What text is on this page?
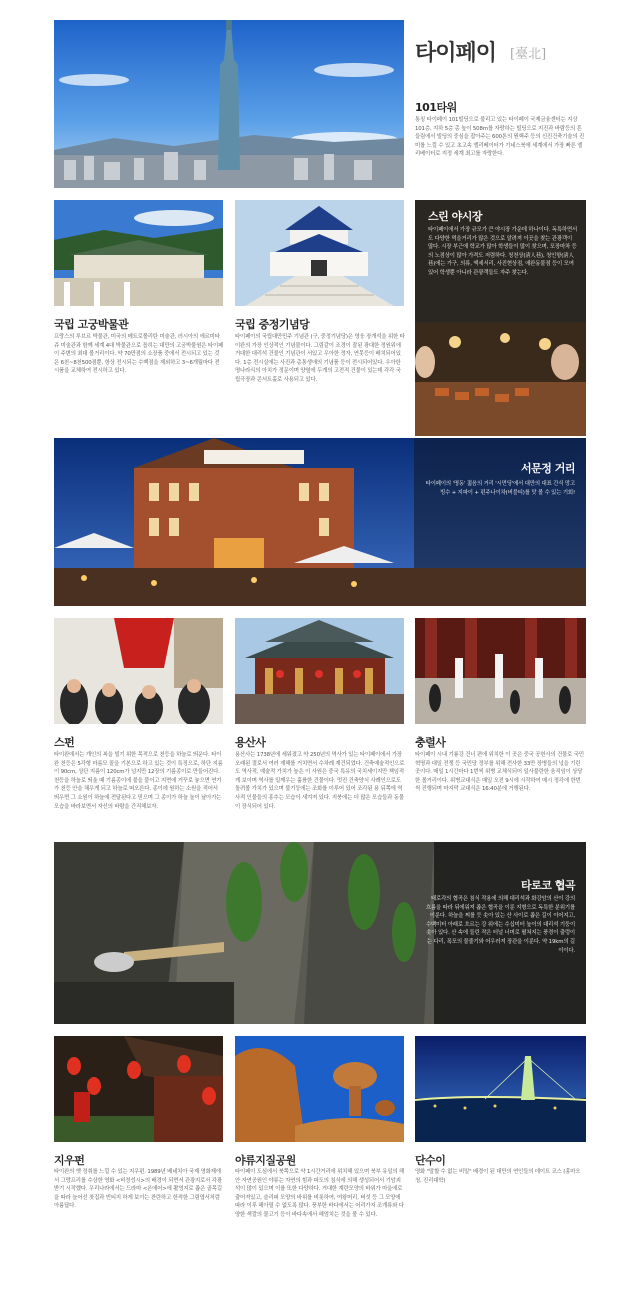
타이페이 [臺北]
101타워
통칭 타이페이 101빌딩으로 불리고 있는 타이페이 국제금융센터는 지상 101층, 지하 5층 총 높이 508m를 자랑하는 빌딩으로 지진과 바람등의 흔들림에서 빌딩의 중심을 잡아주는 600톤의 뭔핵주 등의 신진건축기술의 진미를 느낄 수 있고 초고속 엘리베이터가 기네스북에 세계에서 가장 빠른 엘리베이터로 지정 세계 최고를 자랑한다.
스린 야시장
타이페이에서 가장 규모가 큰 야시장 가운데 하나이다. 독특하면서도 다양한 먹을거리가 많은 것으로 알려져 이곳을 찾는 관광객이 많다. 시장 부근에 학교가 많아 학생들이 많이 찾으며, 포장마차 등의 노점상이 많아 가격도 저렴하다. 청천상(淸人巷), 청인항(淸人巷)에는 가구, 의류, 액세서리, 사진현상점, 애완동물점 등이 모여 있어 학생뿐 아니라 관광객들도 자주 찾는다.
국립 고궁박물관
프랑스의 루브르 박물관, 미국의 메트로폴리탄 미술관, 러시아의 에르미타쥬 미술관과 함께 세계 4대 박물관으로 꼽히는 대만의 고궁박물원은 타이페이 주변의 최대 볼거리이다. 약 70만점의 소장품 중에서 전시되고 있는 것은 6천~8천500점뿐, 항상 전시되는 수백점을 제외하고 3~6개월마다 전시품을 교체하여 전시하고 있다.
국립 중정기념당
타이페이의 국립대만민주 기념관 (구, 중정기념당)은 영웅 장개석을 위한 타이완의 가장 인상적인 기념물이다. 그림같이 조경이 잘된 광대한 정원위에 거대한 대리석 건물인 기념관이 서있고 우아한 정자, 연못등이 배치되어있다. 1층 전시실에는 사진과 총통생애의 기념품 등이 전시되어있다. 우아한 명나라식의 아치가 정문이며 양옆에 두개의 고전적 건물이 있는데 각각 국립극장과 콘서트홀로 사용되고 있다.
서문정 거리
타이페이의 '명동' 젊음의 거리 '시먼딩'에서 대만의 대표 간식 망고빙수 + 지파이 + 펀주나이차(버블티)를 맛 볼 수 있는 기회!
스펀
타이완에서는 개인의 복을 빌기 위한 목적으로 천등을 하늘로 띄운다. 타이완 천등은 5각형 마름모 꼴을 기본으로 하고 있는 것이 특징으로, 하단 지름이 90cm, 상단 지름이 120cm가 넘지만 12장의 기름종이로 만들어진다. 천등을 하늘로 띄울 때 기름종이에 불을 붙이고 지면에 거꾸로 놓으면 연기가 천등 안을 채우게 되고 하늘로 떠오른다. 종이에 원하는 소원을 적어서 띄우면 그 소원이 하늘에 전달된다고 믿으며 그 종이가 하늘 높이 날아가는 모습을 바라보면서 자신의 바람을 간직해보자.
용산사
용산사는 1738년에 세워졌고 약 250년의 역사가 있는 타이페이에서 가장 오래된 절로서 여러 재해를 거치면서 수차례 재건되었다. 건축예술적인으로도 역사적, 예술적 가치가 높은 이 사원은 중국 특유의 국치세이지만 책임적게 보이며 역사를 일깨우는 훌륭한 건물이다. 멋진 건축양식 사례인으로도 돌려볼 가치가 있으며 불기둥에는 조화를 이루어 있어 조각된 용 뒤쪽에 역사적 인물들의 흥추는 모습이 새겨져 있다. 지붕에는 더 많은 모습들과 동물이 장식되어 있다.
충렬사
타이페이 시내 기룡강 건너 편에 위치한 이 곳은 중국 공헌사의 건물로 국민 혁명과 대일 전쟁 등 국민당 정부를 위해 전사한 33만 장병들의 넋을 기린 곳이다. 매일 1시간마다 1번씩 위병 교체식되어 일사불란한 움직임이 상당한 볼거리이다. 위병교대식은 매일 오전 9시에 시작하여 매시 정각에 한번씩 진행되며 마지막 교대식은 16:40분에 거행된다.
타로코 협곡
태로각의 협곡은 침식 작용에 의해 대리석과 화강암의 산이 강의 흐름을 따라 뒤에워져 좁은 협곡을 이룬 지형으로 독특한 분위기를 이룬다. 하늘을 찌를 듯 솟아 있는 산 사이로 좁은 길이 이어지고, 수백미터 아래로 흐르는 강 위에는 수십미터 높이의 대리석 기둥이 솟아 있다. 산 속에 들린 작은 터널 너머로 펼쳐지는 풍경이 출렁이는 다리, 폭포의 물줄기와 어우러져 장관을 이룬다. 약 19km의 길이이다.
지우펀
타이완의 옛 정취를 느낄 수 있는 지우펀. 1989년 베네치아 국제 영화제에서 그랑프리를 수상한 영화 <비정성시>의 배경이 되면서 관광지로서 각광받기 시작했다. 우리나라에서는 드라마 <온에어>에 촬영지로 좁은 골목길을 따라 늘어선 찻집과 빈티지 하게 보이는 찬란하고 한적한 그림엽서처럼 아름답다.
야류지질공원
타이페이 도심에서 북쪽으로 약 1시간거리에 위치해 있으며 북부 유일의 해안 자연공원인 야류는 자연의 힘과 파도의 침식에 의해 생성되어서 기암괴석이 많이 있으며 이를 또한 다양하다. 거대한 계란모양의 바위가 마을에로 출어져있고, 슬리퍼 모양의 바위를 비롯하여, 여왕머리, 버섯 등 그 모양에 따라 이루 헤아릴 수 없도록 많다. 풍부한 바다에서는 어리가지 조개류와 다양한 색깔의 물고기 등이 바다속에서 헤엄치는 것을 볼 수 있다.
단수이
영화 "말할 수 없는 비밀" 배경이 된 대만의 연인들의 데이트 코스 (홍마오청, 진리대학)
